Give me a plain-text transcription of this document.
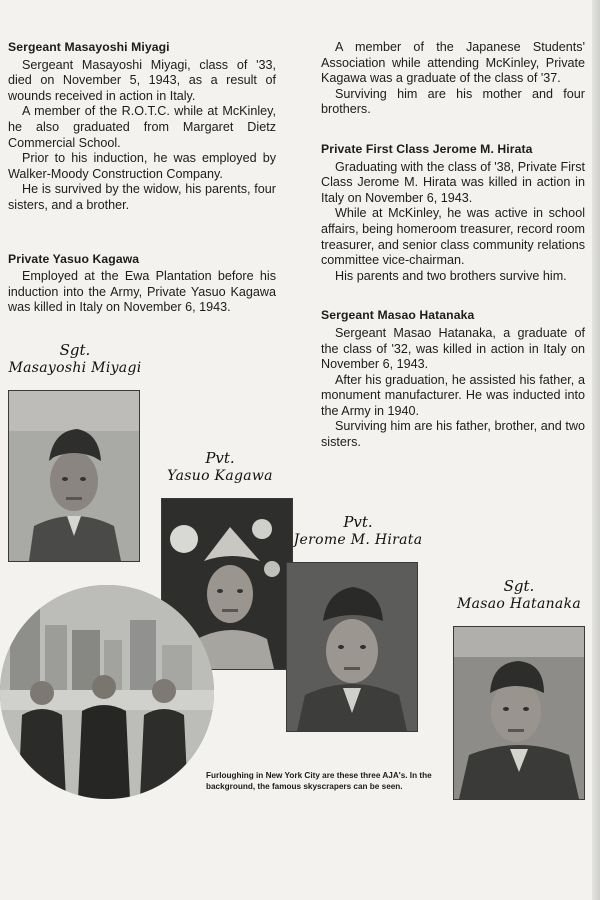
Sergeant Masayoshi Miyagi

Sergeant Masayoshi Miyagi, class of '33, died on November 5, 1943, as a result of wounds received in action in Italy.

A member of the R.O.T.C. while at McKinley, he also graduated from Margaret Dietz Commercial School.

Prior to his induction, he was employed by Walker-Moody Construction Company.

He is survived by the widow, his parents, four sisters, and a brother.

Private Yasuo Kagawa

Employed at the Ewa Plantation before his induction into the Army, Private Yasuo Kagawa was killed in Italy on November 6, 1943.

A member of the Japanese Students' Association while attending McKinley, Private Kagawa was a graduate of the class of '37.

Surviving him are his mother and four brothers.

Private First Class Jerome M. Hirata

Graduating with the class of '38, Private First Class Jerome M. Hirata was killed in action in Italy on November 6, 1943.

While at McKinley, he was active in school affairs, being homeroom treasurer, record room treasurer, and senior class community relations committee vice-chairman.

His parents and two brothers survive him.

Sergeant Masao Hatanaka

Sergeant Masao Hatanaka, a graduate of the class of '32, was killed in action in Italy on November 6, 1943.

After his graduation, he assisted his father, a monument manufacturer. He was inducted into the Army in 1940.

Surviving him are his father, brother, and two sisters.

Sgt.
Masayoshi Miyagi
Pvt.
Yasuo Kagawa
Pvt.
Jerome M. Hirata
Sgt.
Masao Hatanaka
Furloughing in New York City are these three AJA's. In the background, the famous skyscrapers can be seen.
